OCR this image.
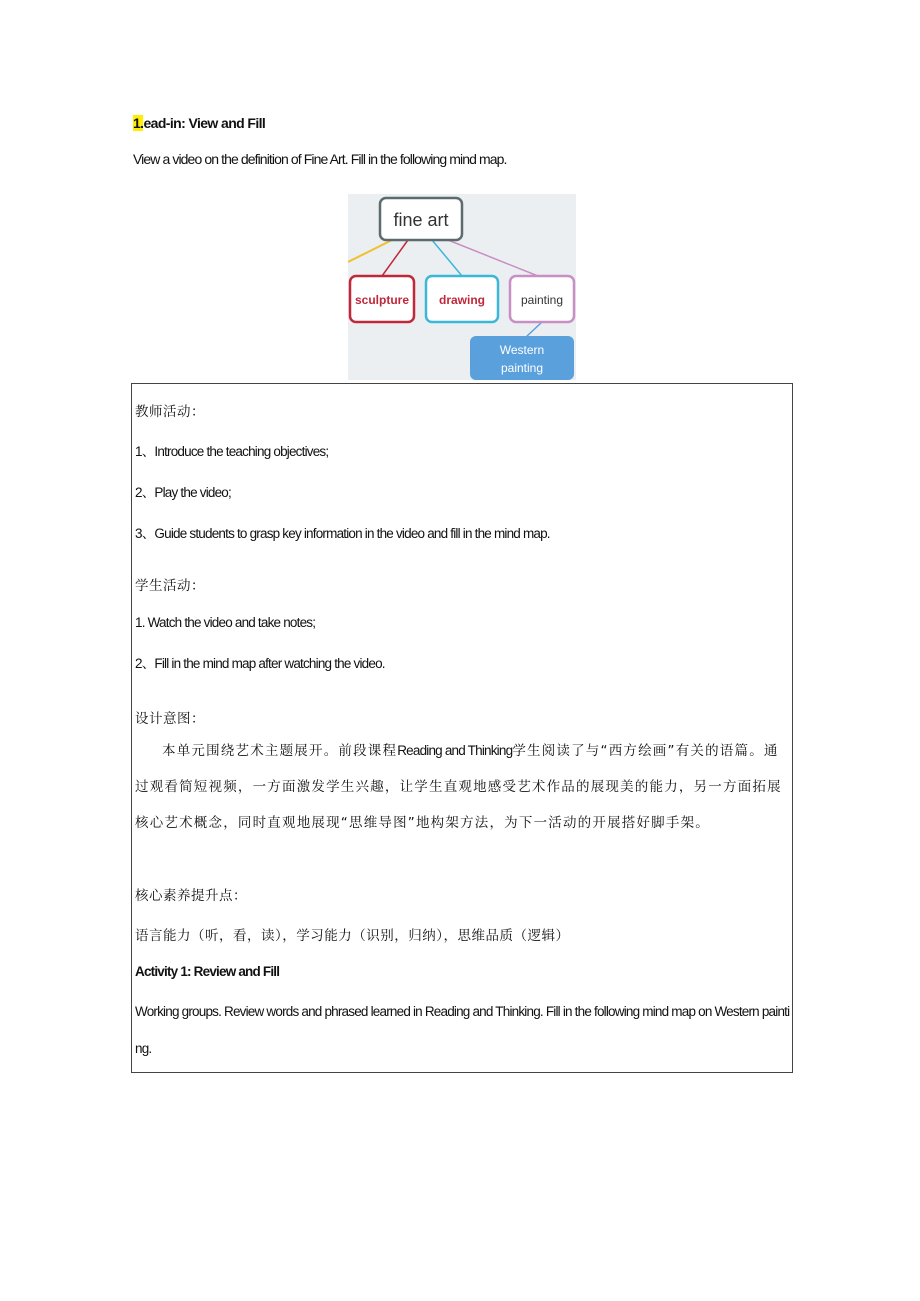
1.ead-in: View and Fill
View a video on the definition of Fine Art. Fill in the following mind map.
fine art
sculpture drawing	painting
Western
painting
教师活动：
1、Introduce the teaching objectives;
2、Play the video;
3、Guide students to grasp key information in the video and fill in the mind map.
学生活动：
1. Watch the video and take notes;
2、Fill in the mind map after watching the video.
设计意图：
本单元围绕艺术主题展开。前段课程Reading and Thinking学生阅读了与“西方绘画”有关的语篇。通过观看简短视频，一方面激发学生兴趣，让学生直观地感受艺术作品的展现美的能力，另一方面拓展核心艺术概念，同时直观地展现“思维导图”地构架方法，为下一活动的开展搭好脚手架。
核心素养提升点：
语言能力（听，看，读），学习能力（识别，归纳），思维品质（逻辑）
Activity 1: Review and Fill
Working groups. Review words and phrased learned in Reading and Thinking. Fill in the following mind map on Western painting.
